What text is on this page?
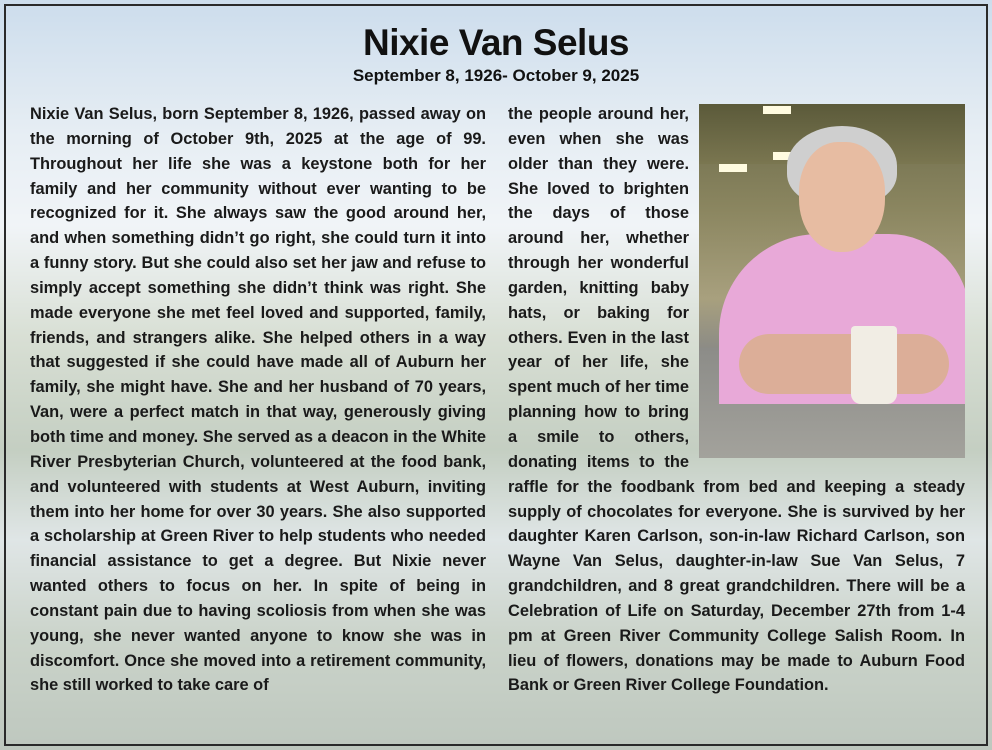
Nixie Van Selus
September 8, 1926- October 9, 2025
Nixie Van Selus, born September 8, 1926, passed away on the morning of October 9th, 2025 at the age of 99. Throughout her life she was a keystone both for her family and her community without ever wanting to be recognized for it. She always saw the good around her, and when something didn’t go right, she could turn it into a funny story. But she could also set her jaw and refuse to simply accept something she didn’t think was right. She made everyone she met feel loved and supported, family, friends, and strangers alike. She helped others in a way that suggested if she could have made all of Auburn her family, she might have. She and her husband of 70 years, Van, were a perfect match in that way, generously giving both time and money. She served as a deacon in the White River Presbyterian Church, volunteered at the food bank, and volunteered with students at West Auburn, inviting them into her home for over 30 years. She also supported a scholarship at Green River to help students who needed financial assistance to get a degree. But Nixie never wanted others to focus on her. In spite of being in constant pain due to having scoliosis from when she was young, she never wanted anyone to know she was in discomfort. Once she moved into a retirement community, she still worked to take care of
the people around her, even when she was older than they were. She loved to brighten the days of those around her, whether through her wonderful garden, knitting baby hats, or baking for others. Even in the last year of her life, she spent much of her time planning how to bring a smile to others, donating items to the raffle for the foodbank from bed and keeping a steady supply of chocolates for everyone. She is survived by her daughter Karen Carlson, son-in-law Richard Carlson, son Wayne Van Selus, daughter-in-law Sue Van Selus, 7 grandchildren, and 8 great grandchildren. There will be a Celebration of Life on Saturday, December 27th from 1-4 pm at Green River Community College Salish Room. In lieu of flowers, donations may be made to Auburn Food Bank or Green River College Foundation.
